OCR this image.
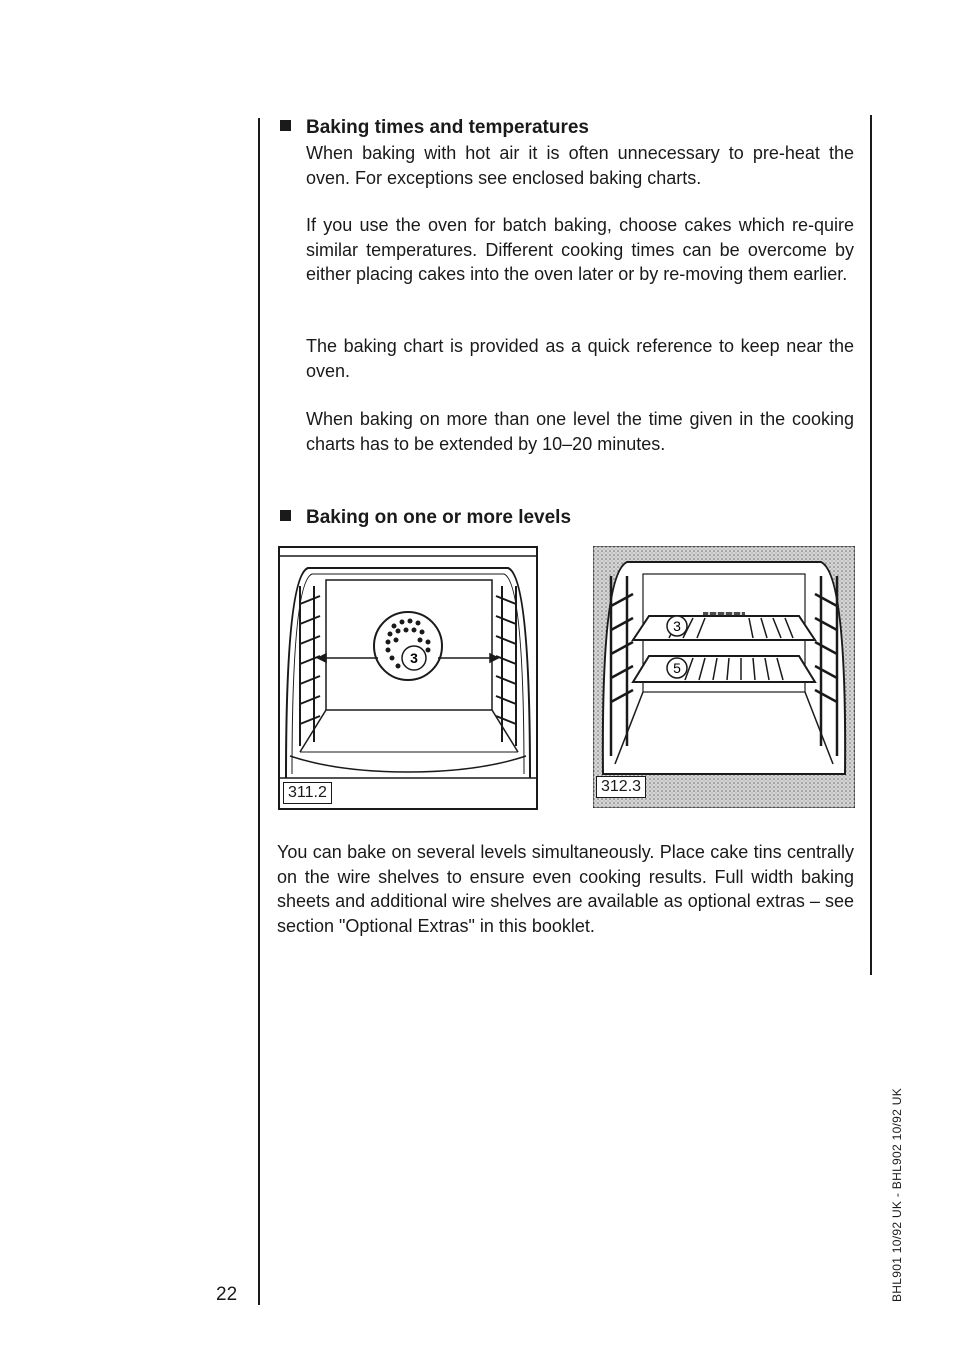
Baking times and temperatures

When baking with hot air it is often unnecessary to pre-heat the oven. For exceptions see enclosed baking charts.

If you use the oven for batch baking, choose cakes which re-quire similar temperatures. Different cooking times can be overcome by either placing cakes into the oven later or by re-moving them earlier.

The baking chart is provided as a quick reference to keep near the oven.

When baking on more than one level the time given in the cooking charts has to be extended by 10–20 minutes.

Baking on one or more levels
3
311.2
3
5
312.3

You can bake on several levels simultaneously. Place cake tins centrally on the wire shelves to ensure even cooking results. Full width baking sheets and additional wire shelves are available as optional extras – see section "Optional Extras" in this booklet.

22	BHL901 10/92 UK - BHL902 10/92 UK
